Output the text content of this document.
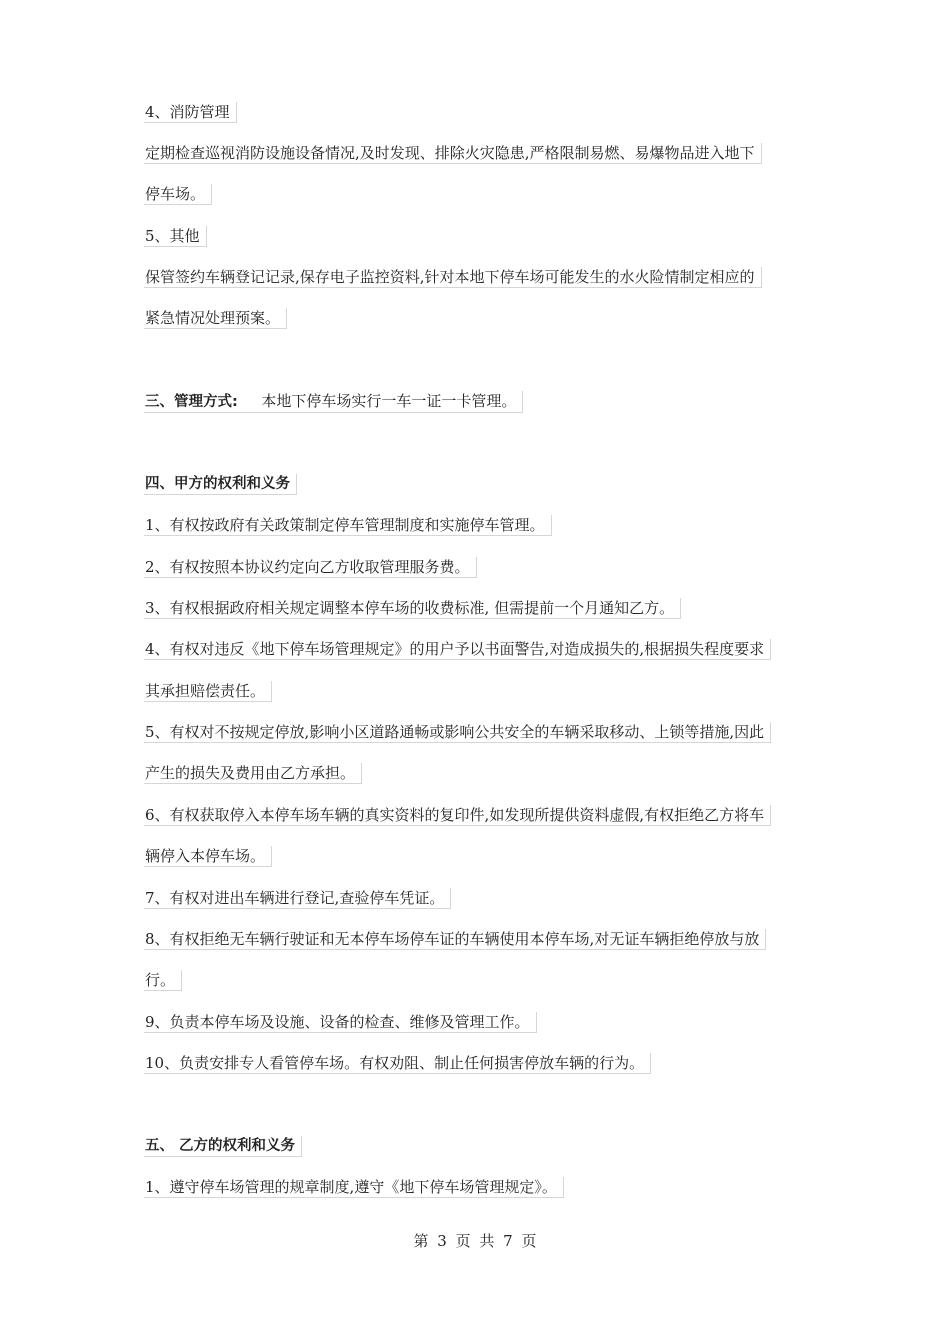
4、消防管理
定期检查巡视消防设施设备情况,及时发现、排除火灾隐患,严格限制易燃、易爆物品进入地下
停车场。
5、其他
保管签约车辆登记记录,保存电子监控资料,针对本地下停车场可能发生的水火险情制定相应的
紧急情况处理预案。
三、管理方式: 本地下停车场实行一车一证一卡管理。
四、甲方的权利和义务
1、有权按政府有关政策制定停车管理制度和实施停车管理。
2、有权按照本协议约定向乙方收取管理服务费。
3、有权根据政府相关规定调整本停车场的收费标准, 但需提前一个月通知乙方。
4、有权对违反《地下停车场管理规定》的用户予以书面警告,对造成损失的,根据损失程度要求
其承担赔偿责任。
5、有权对不按规定停放,影响小区道路通畅或影响公共安全的车辆采取移动、上锁等措施,因此
产生的损失及费用由乙方承担。
6、有权获取停入本停车场车辆的真实资料的复印件,如发现所提供资料虚假,有权拒绝乙方将车
辆停入本停车场。
7、有权对进出车辆进行登记,查验停车凭证。
8、有权拒绝无车辆行驶证和无本停车场停车证的车辆使用本停车场,对无证车辆拒绝停放与放
行。
9、负责本停车场及设施、设备的检查、维修及管理工作。
10、负责安排专人看管停车场。有权劝阻、制止任何损害停放车辆的行为。
五、 乙方的权利和义务
1、遵守停车场管理的规章制度,遵守《地下停车场管理规定》。
第 3 页 共 7 页
